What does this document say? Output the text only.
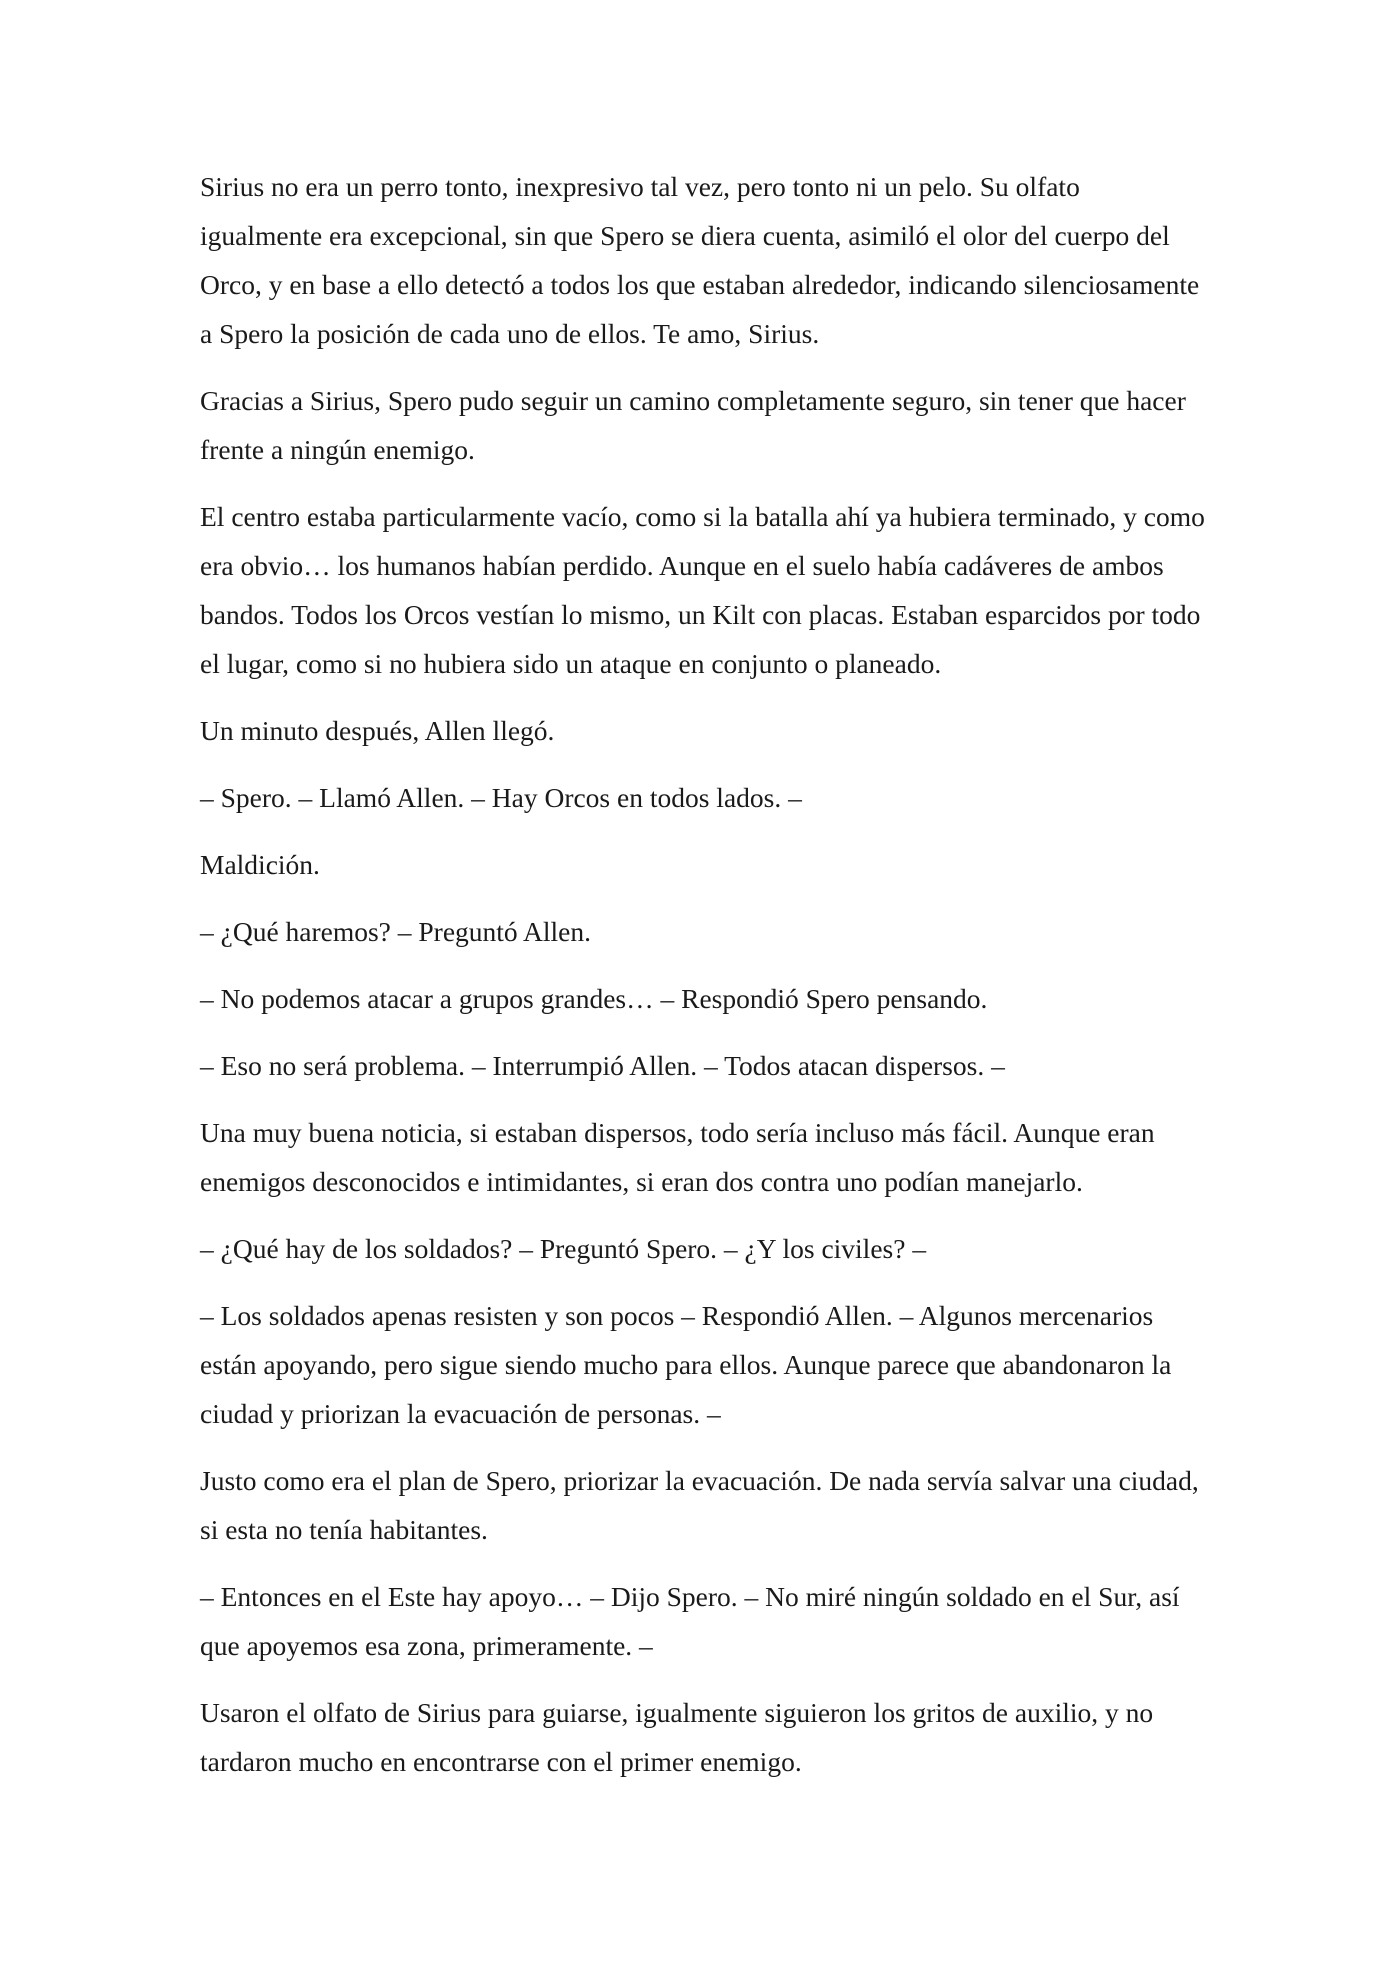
Sirius no era un perro tonto, inexpresivo tal vez, pero tonto ni un pelo. Su olfato igualmente era excepcional, sin que Spero se diera cuenta, asimiló el olor del cuerpo del Orco, y en base a ello detectó a todos los que estaban alrededor, indicando silenciosamente a Spero la posición de cada uno de ellos. Te amo, Sirius.

Gracias a Sirius, Spero pudo seguir un camino completamente seguro, sin tener que hacer frente a ningún enemigo.

El centro estaba particularmente vacío, como si la batalla ahí ya hubiera terminado, y como era obvio… los humanos habían perdido. Aunque en el suelo había cadáveres de ambos bandos. Todos los Orcos vestían lo mismo, un Kilt con placas. Estaban esparcidos por todo el lugar, como si no hubiera sido un ataque en conjunto o planeado.

Un minuto después, Allen llegó.

– Spero. – Llamó Allen. – Hay Orcos en todos lados. –

Maldición.

– ¿Qué haremos? – Preguntó Allen.

– No podemos atacar a grupos grandes… – Respondió Spero pensando.

– Eso no será problema. – Interrumpió Allen. – Todos atacan dispersos. –

Una muy buena noticia, si estaban dispersos, todo sería incluso más fácil. Aunque eran enemigos desconocidos e intimidantes, si eran dos contra uno podían manejarlo.

– ¿Qué hay de los soldados? – Preguntó Spero. – ¿Y los civiles? –

– Los soldados apenas resisten y son pocos – Respondió Allen. – Algunos mercenarios están apoyando, pero sigue siendo mucho para ellos. Aunque parece que abandonaron la ciudad y priorizan la evacuación de personas. –

Justo como era el plan de Spero, priorizar la evacuación. De nada servía salvar una ciudad, si esta no tenía habitantes.

– Entonces en el Este hay apoyo… – Dijo Spero. – No miré ningún soldado en el Sur, así que apoyemos esa zona, primeramente. –

Usaron el olfato de Sirius para guiarse, igualmente siguieron los gritos de auxilio, y no tardaron mucho en encontrarse con el primer enemigo.
